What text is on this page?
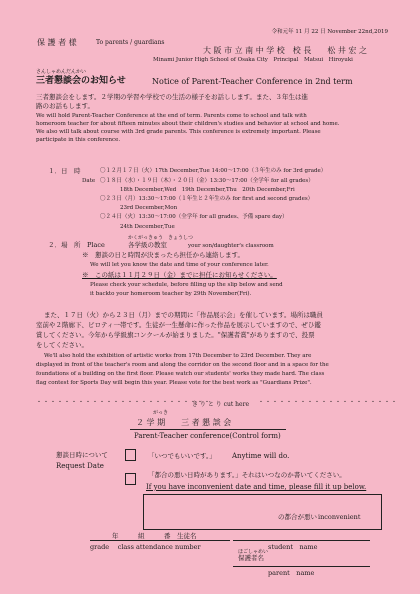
令和元年 11 月 22 日 November 22nd,2019
保 護 者 様	To parents / guardians
大 阪 市 立 南 中 学 校　校 長　　松 井 宏 之
Minami Junior High School of Osaka City　Principal　Matsui　Hiroyuki
さんしゃめんだんかい
三者懇談会のお知らせ	Notice of Parent-Teacher Conference in 2nd term
三者懇談会をします。２学期の学習や学校での生活の様子をお話しします。また、３年生は進
路のお話もします。
We will hold Parent-Teacher Conference at the end of term. Parents come to school and talk with
homeroom teacher for about fifteen minutes about their children's studies and behavior at school and home.
We also will talk about course with 3rd grade parents. This conference is extremely important. Please
participate in this conference.
１．日　時
Date
〇１２月１７日（火）17th December,Tue 14:00～17:00（３年生のみ for 3rd grade）
〇１８日（水）・１９日（木）・２０日（金）13:30～17:00（全学年 for all grades）
18th December,Wed　19th December,Thu　20th December,Fri
〇２３日（月）13:30～17:00（１年生と２年生のみ for first and second grades）
23rd December,Mon
〇２４日（火）13:30～17:00（全学年 for all grades、予備 spare day）
24th December,Tue
かくがっきゅう　きょうしつ
２．場　所　Place	各学級の教室	your son/daughter's classroom
※　懇談の日と時間が決まったら担任から連絡します。
We will let you know the date and time of your conference later.
※　この紙は１１月２９日（金）までに担任にお知らせください。
Please check your schedule, before filling up the slip below and send
it backto your homeroom teacher by 29th November(Fri).
また、１７日（火）から２３日（月）までの期間に「作品展示会」を催しています。場所は職員
室前や２階廊下、ピロティ一帯です。生徒が一生懸命に作った作品を展示していますので、ぜひ鑑
賞してください。今年から学級旗コンクールが始まりました。"保護者賞"がありますので、投票
をしてください。
We'll also hold the exhibition of artistic works from 17th December to 23rd December. They are
displayed in front of the teacher's room and along the corridor on the second floor and in a space for the
foundations of a building on the first floor. Please watch our students' works they made hard. The class
flag contest for Sports Day will begin this year. Please vote for the best work as "Guardians Prize".
・・・・・・・・・・・・・・・・・・・・・・・・・
き り と り cut here ・・・・・・・・・・・・・・・・・・・・
がっき
２ 学 期　　三 者 懇 談 会
Parent-Teacher conference(Control form)
懇談日時について
Request Date
「いつでもいいです。」 Anytime will do.
「都合の悪い日時があります。」それはいつなのか書いてください。
If you have inconvenient date and time, please fill it up below.
の都合が悪い inconvenient
年　　　組　　　番　生徒名
grade　 class attendance number	student　name
ほごしゃめい
保護者名
parent　name
